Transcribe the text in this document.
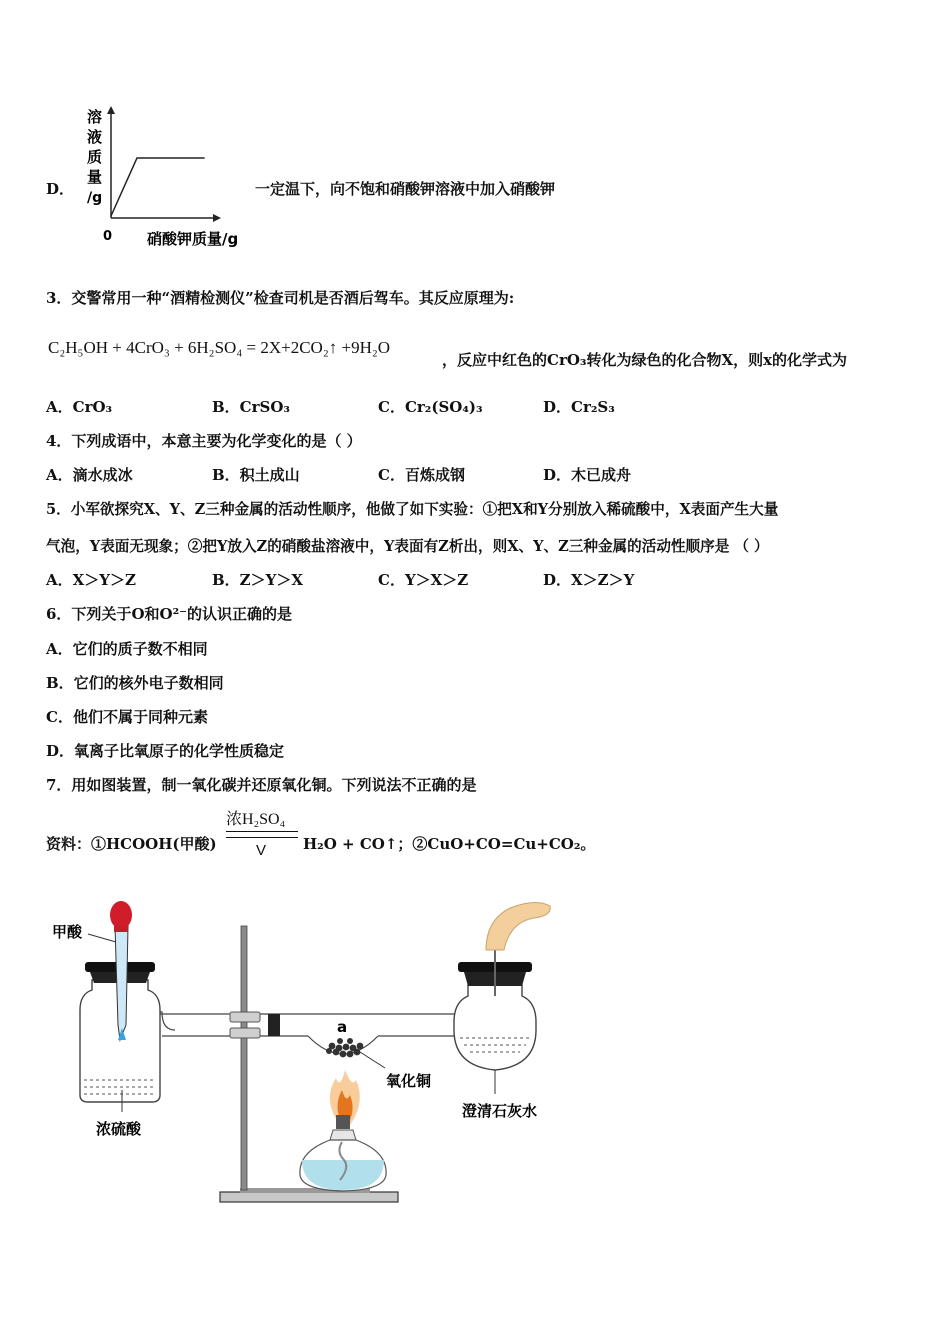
D．
溶
液
质
量
/g
0 硝酸钾质量/g
一定温下，向不饱和硝酸钾溶液中加入硝酸钾
3．交警常用一种“酒精检测仪”检查司机是否酒后驾车。其反应原理为:
C₂H₅OH + 4CrO₃ + 6H₂SO₄ = 2X+2CO₂↑ +9H₂O
，反应中红色的CrO₃转化为绿色的化合物X，则x的化学式为
A．CrO₃	B．CrSO₃	C．Cr₂(SO₄)₃	D．Cr₂S₃
4．下列成语中，本意主要为化学变化的是（ ）
A．滴水成冰	B．积土成山	C．百炼成钢	D．木已成舟
5．小军欲探究X、Y、Z三种金属的活动性顺序，他做了如下实验：①把X和Y分别放入稀硫酸中，X表面产生大量
气泡，Y表面无现象；②把Y放入Z的硝酸盐溶液中，Y表面有Z析出，则X、Y、Z三种金属的活动性顺序是 （ ）
A．X＞Y＞Z	B．Z＞Y＞X	C．Y＞X＞Z	D．X＞Z＞Y
6．下列关于O和O²⁻的认识正确的是
A．它们的质子数不相同
B．它们的核外电子数相同
C．他们不属于同种元素
D．氧离子比氧原子的化学性质稳定
7．用如图装置，制一氧化碳并还原氧化铜。下列说法不正确的是
资料：①HCOOH(甲酸)
浓H₂SO₄
V H₂O + CO↑；②CuO+CO=Cu+CO₂。
甲酸
a
氧化铜
澄清石灰水
浓硫酸
